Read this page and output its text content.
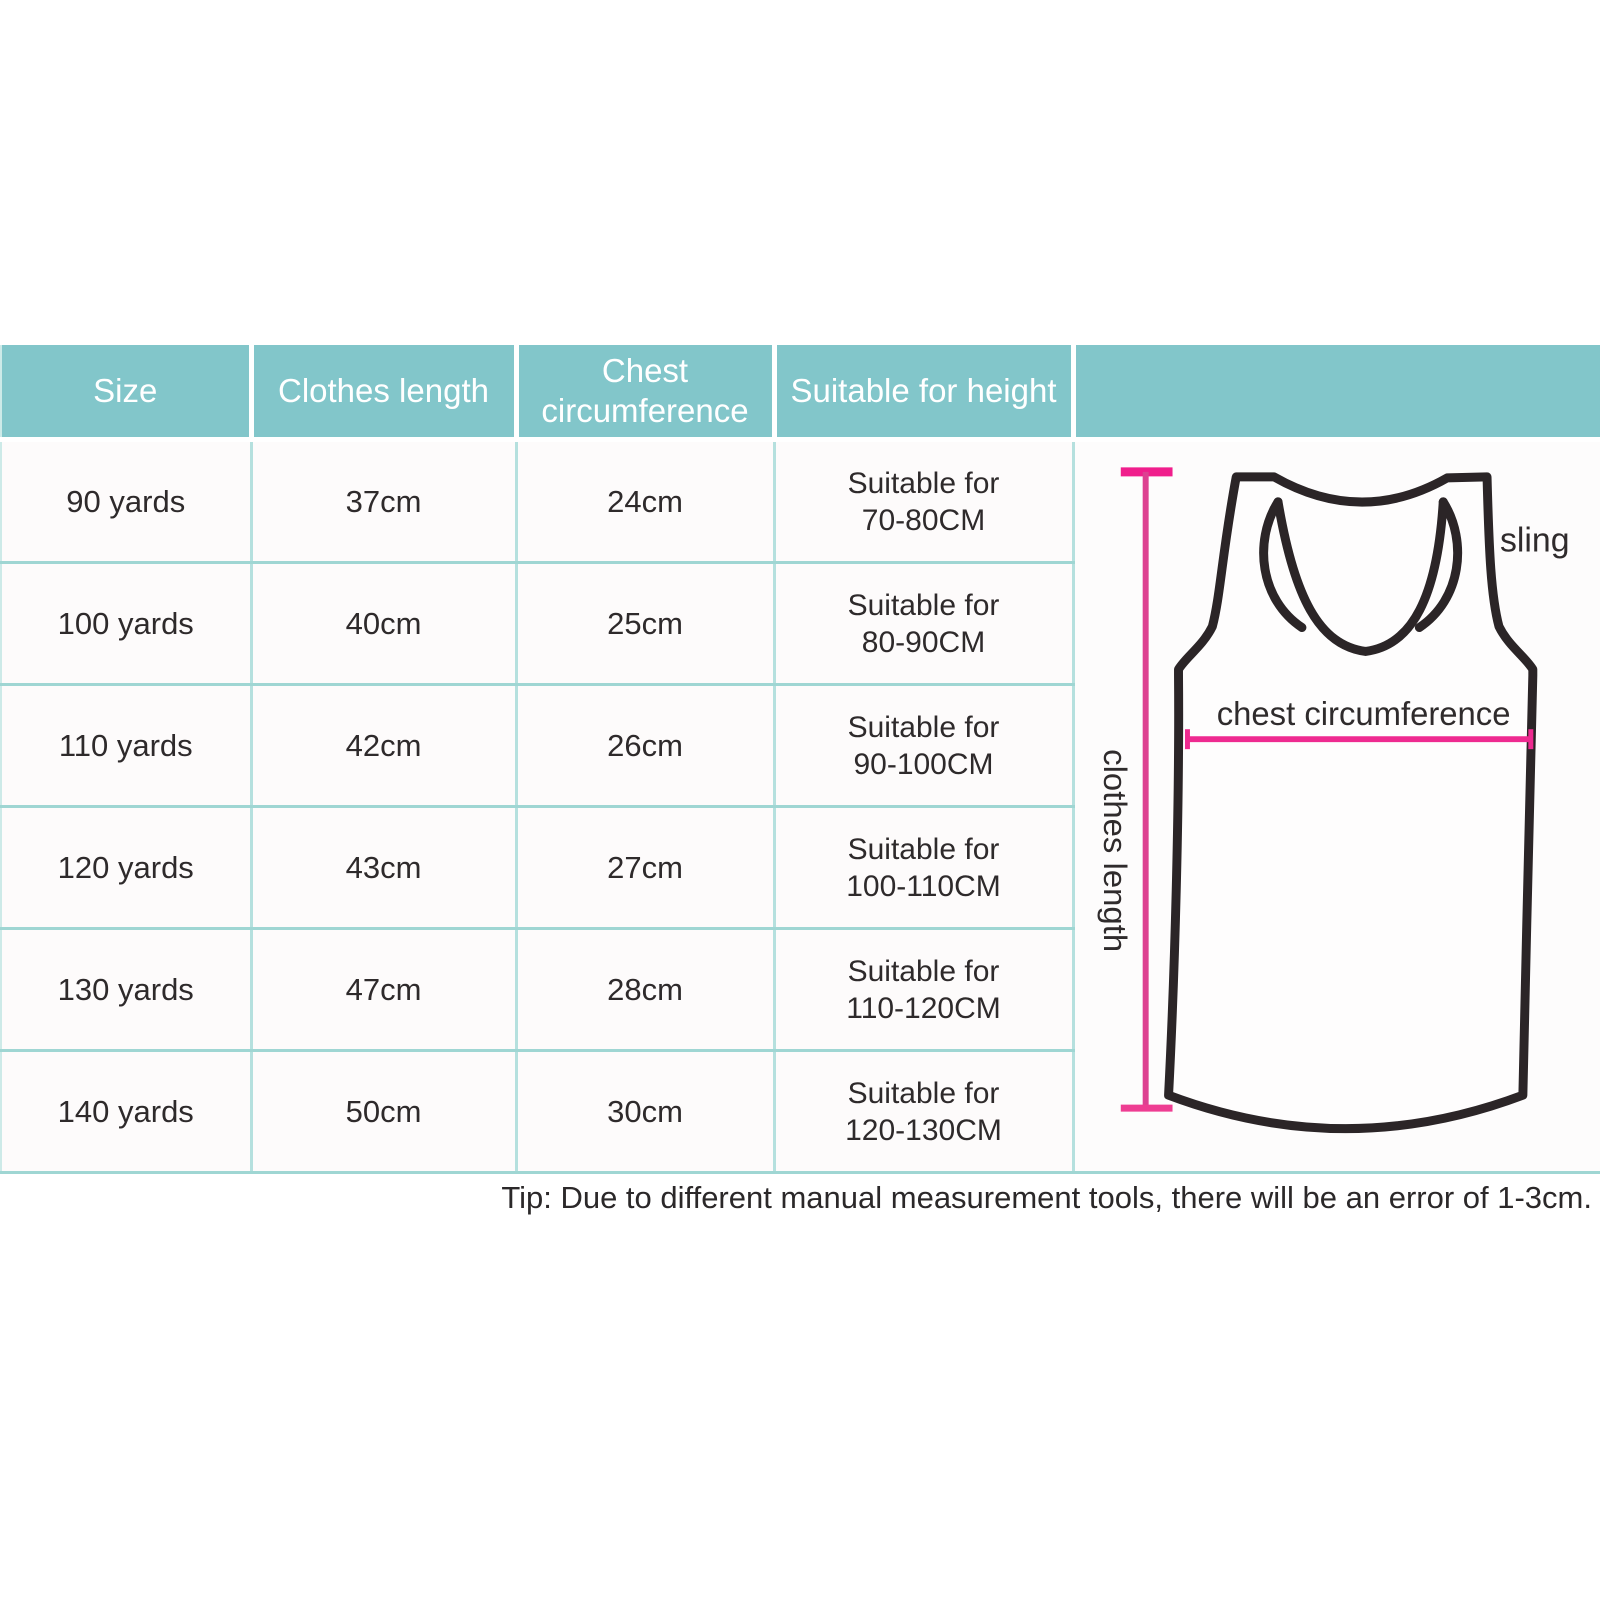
Size	Clothes length	Chest circumference	Suitable for height	
90 yards	37cm	24cm	Suitable for
70-80CM	sling
chest circumference
clothes length

100 yards	40cm	25cm	Suitable for
80-90CM	

110 yards	42cm	26cm	Suitable for
90-100CM	

120 yards	43cm	27cm	Suitable for
100-110CM	

130 yards	47cm	28cm	Suitable for
110-120CM	

140 yards	50cm	30cm	Suitable for
120-130CM	
Tip: Due to different manual measurement tools, there will be an error of 1-3cm.
